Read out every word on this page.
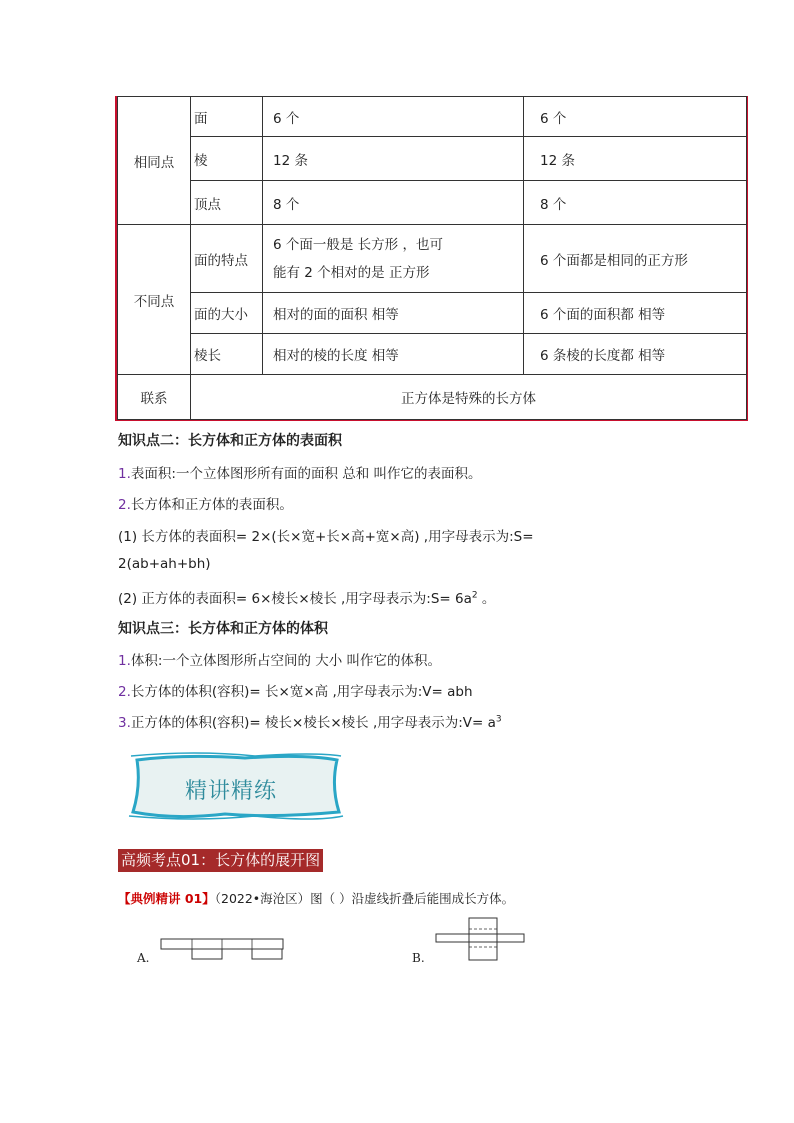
相同点	面	6 个	6 个
	棱	12 条	12 条
	顶点	8 个	8 个
不同点	面的特点	6 个面一般是 长方形 ，也可
能有 2 个相对的是 正方形	6 个面都是相同的正方形
	面的大小	相对的面的面积 相等	6 个面的面积都 相等
	棱长	相对的棱的长度 相等	6 条棱的长度都 相等
联系	正方体是特殊的长方体		
知识点二：长方体和正方体的表面积
1.表面积:一个立体图形所有面的面积 总和 叫作它的表面积。
2.长方体和正方体的表面积。
(1) 长方体的表面积= 2×(长×宽+长×高+宽×高) ,用字母表示为:S=
2(ab+ah+bh)
(2) 正方体的表面积= 6×棱长×棱长 ,用字母表示为:S= $6a^2$ 。
知识点三：长方体和正方体的体积
1.体积:一个立体图形所占空间的 大小 叫作它的体积。
2.长方体的体积(容积)= 长×宽×高 ,用字母表示为:V= abh
3.正方体的体积(容积)= 棱长×棱长×棱长 ,用字母表示为:V= $a^3$
精讲精练
高频考点01：长方体的展开图
【典例精讲 01】（2022•海沧区）图（ ）沿虚线折叠后能围成长方体。
A.	B.
